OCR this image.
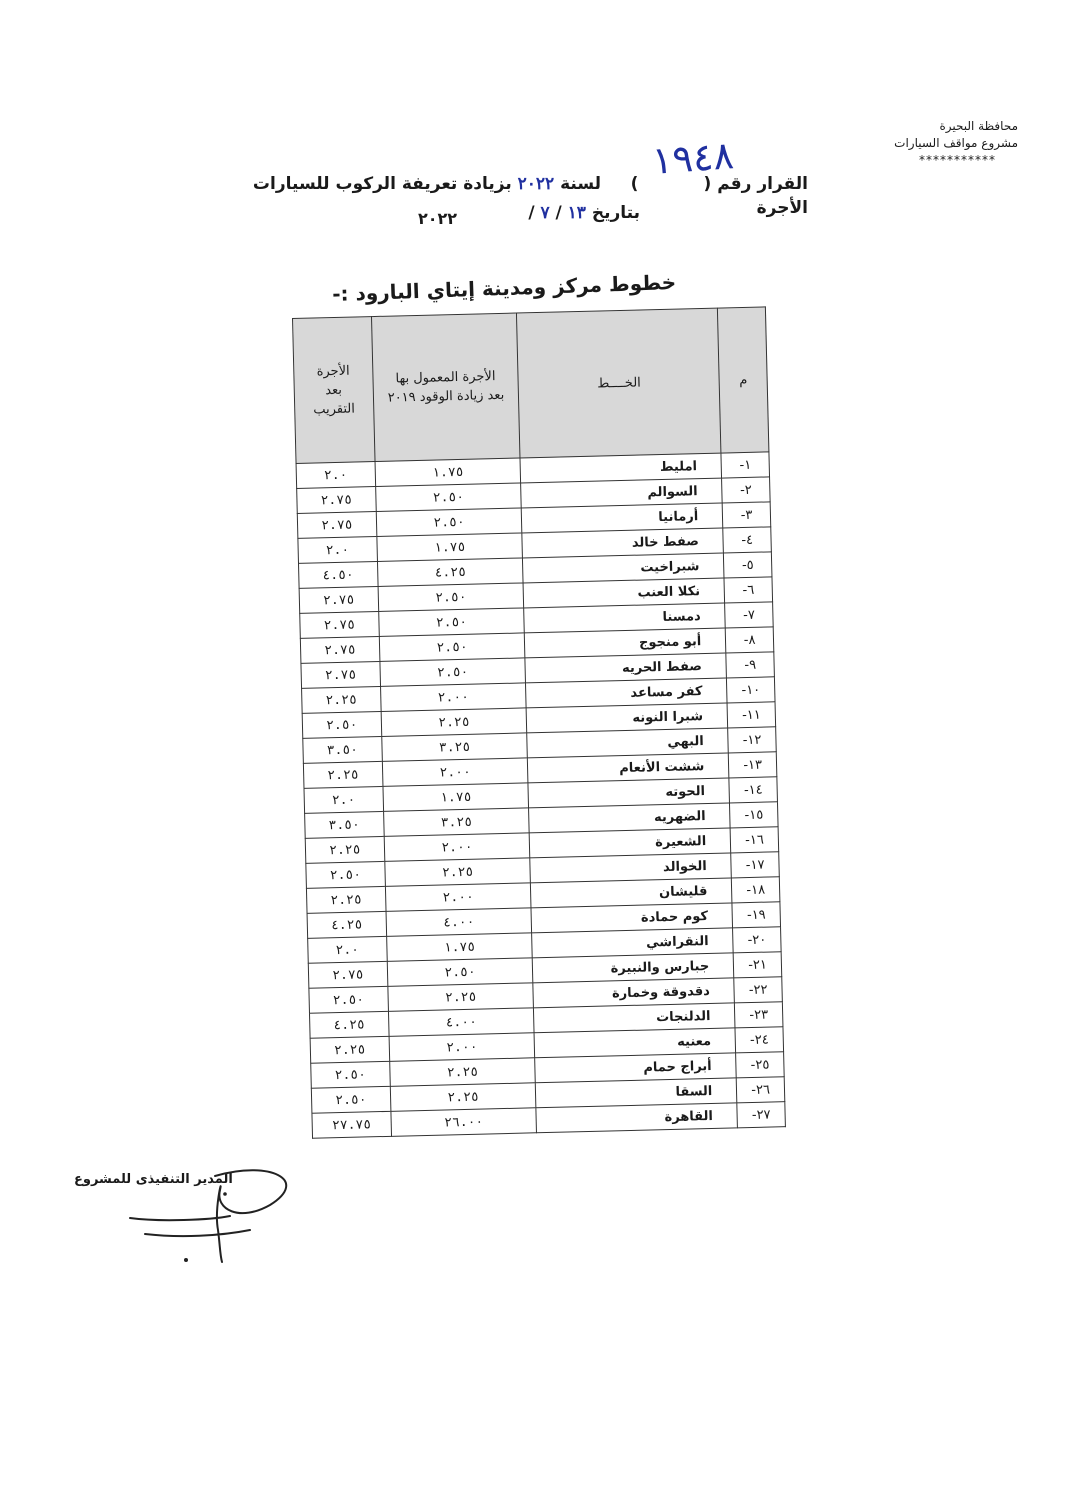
محافظة البحيرة
مشروع مواقف السيارات
***********
١٩٤٨
القرار رقم (           )     لسنة ٢٠٢٢ بزيادة تعريفة الركوب للسيارات الأجرة
بتاريخ ١٣ / ٧ /
٢٠٢٢
خطوط مركز ومدينة إيتاي البارود :-
م	الخــــط	الأجرة المعمول بها بعد زيادة الوقود ٢٠١٩	الأجرة بعد التقريب
١-	امليط	١.٧٥	٢.٠
٢-	السوالم	٢.٥٠	٢.٧٥
٣-	أرمانيا	٢.٥٠	٢.٧٥
٤-	صفط خالد	١.٧٥	٢.٠
٥-	شبراخيت	٤.٢٥	٤.٥٠
٦-	نكلا العنب	٢.٥٠	٢.٧٥
٧-	دمسنا	٢.٥٠	٢.٧٥
٨-	أبو منجوج	٢.٥٠	٢.٧٥
٩-	صفط الحريه	٢.٥٠	٢.٧٥
١٠-	كفر مساعد	٢.٠٠	٢.٢٥
١١-	شبرا النونه	٢.٢٥	٢.٥٠
١٢-	البهي	٣.٢٥	٣.٥٠
١٣-	ششت الأنعام	٢.٠٠	٢.٢٥
١٤-	الحوته	١.٧٥	٢.٠
١٥-	الضهريه	٣.٢٥	٣.٥٠
١٦-	الشعيرة	٢.٠٠	٢.٢٥
١٧-	الخوالد	٢.٢٥	٢.٥٠
١٨-	قليشان	٢.٠٠	٢.٢٥
١٩-	كوم حمادة	٤.٠٠	٤.٢٥
٢٠-	النقراشي	١.٧٥	٢.٠
٢١-	جبارس والنبيرة	٢.٥٠	٢.٧٥
٢٢-	دقدوقة وخمارة	٢.٢٥	٢.٥٠
٢٣-	الدلنجات	٤.٠٠	٤.٢٥
٢٤-	معنيه	٢.٠٠	٢.٢٥
٢٥-	أبراج حمام	٢.٢٥	٢.٥٠
٢٦-	السقا	٢.٢٥	٢.٥٠
٢٧-	القاهرة	٢٦.٠٠	٢٧.٧٥
المدير التنفيذى للمشروع
